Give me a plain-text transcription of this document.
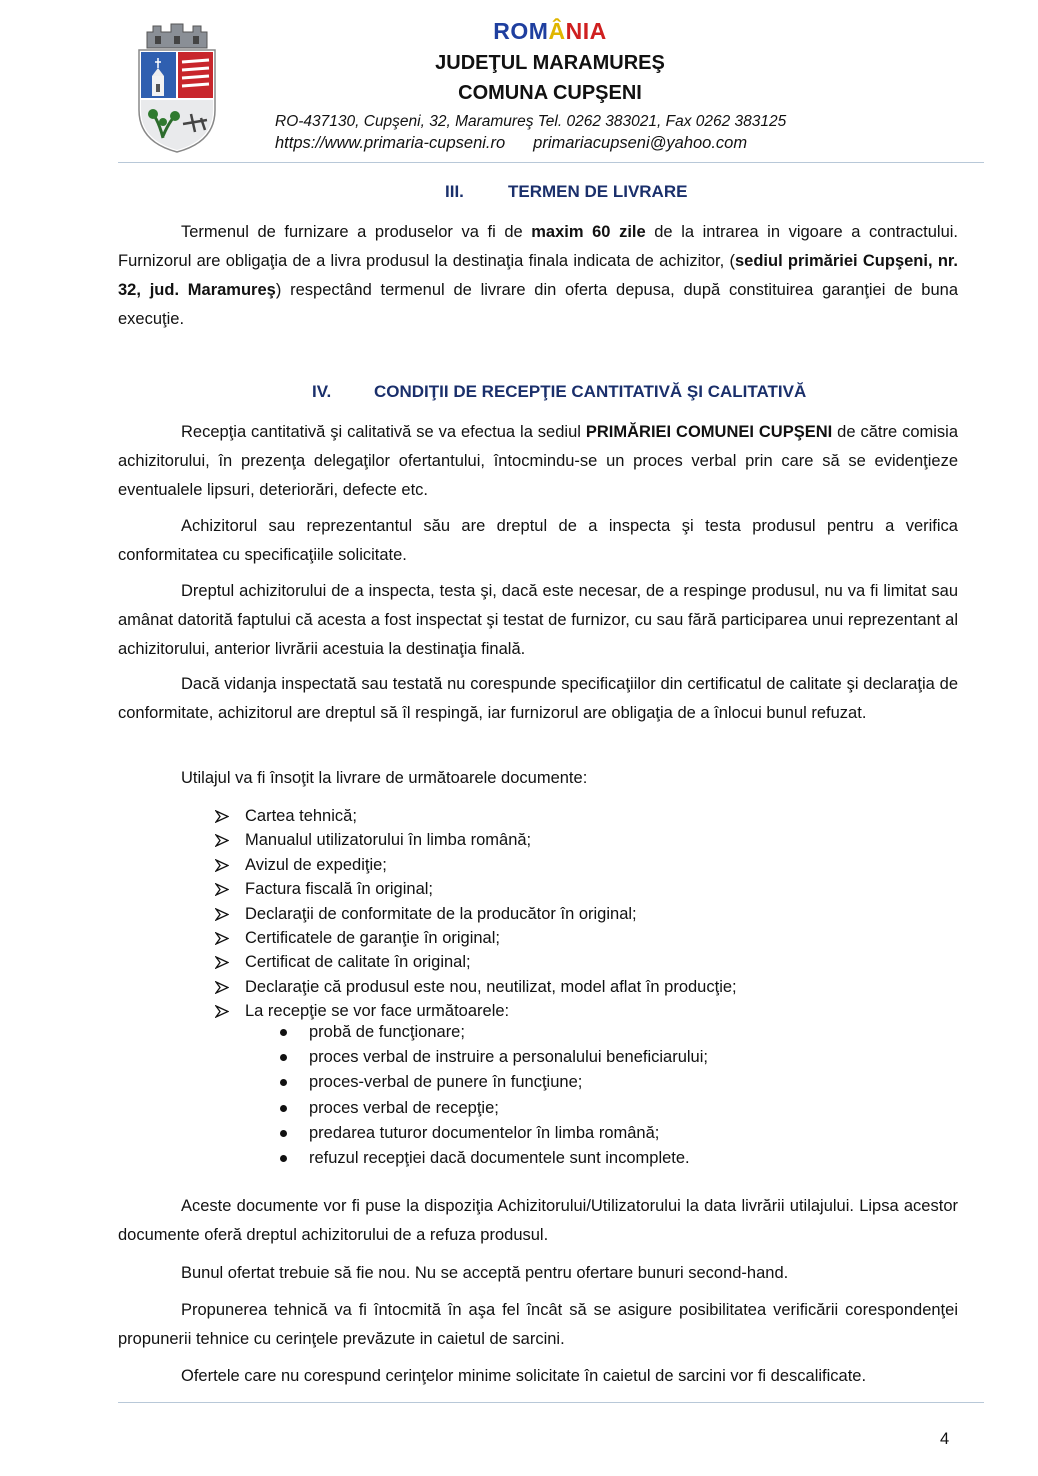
ROMÂNIA
JUDEŢUL MARAMUREŞ
COMUNA CUPŞENI
RO-437130, Cupşeni, 32, Maramureş Tel. 0262 383021, Fax 0262 383125
https://www.primaria-cupseni.ro primariacupseni@yahoo.com
III.	TERMEN DE LIVRARE
Termenul de furnizare a produselor va fi de maxim 60 zile de la intrarea in vigoare a contractului. Furnizorul are obligaţia de a livra produsul la destinaţia finala indicata de achizitor, (sediul primăriei Cupşeni, nr. 32, jud. Maramureş) respectând termenul de livrare din oferta depusa, după constituirea garanţiei de buna execuţie.
IV.	CONDIŢII DE RECEPŢIE CANTITATIVĂ ŞI CALITATIVĂ
Recepţia cantitativă şi calitativă se va efectua la sediul PRIMĂRIEI COMUNEI CUPŞENI de către comisia achizitorului, în prezenţa delegaţilor ofertantului, întocmindu-se un proces verbal prin care să se evidenţieze eventualele lipsuri, deteriorări, defecte etc.
Achizitorul sau reprezentantul său are dreptul de a inspecta şi testa produsul pentru a verifica conformitatea cu specificaţiile solicitate.
Dreptul achizitorului de a inspecta, testa şi, dacă este necesar, de a respinge produsul, nu va fi limitat sau amânat datorită faptului că acesta a fost inspectat şi testat de furnizor, cu sau fără participarea unui reprezentant al achizitorului, anterior livrării acestuia la destinaţia finală.
Dacă vidanja inspectată sau testată nu corespunde specificaţiilor din certificatul de calitate şi declaraţia de conformitate, achizitorul are dreptul să îl respingă, iar furnizorul are obligaţia de a înlocui bunul refuzat.
Utilajul va fi însoţit la livrare de următoarele documente:
Cartea tehnică;
Manualul utilizatorului în limba română;
Avizul de expediţie;
Factura fiscală în original;
Declaraţii de conformitate de la producător în original;
Certificatele de garanţie în original;
Certificat de calitate în original;
Declaraţie că produsul este nou, neutilizat, model aflat în producţie;
La recepţie se vor face următoarele:
probă de funcţionare;
proces verbal de instruire a personalului beneficiarului;
proces-verbal de punere în funcţiune;
proces verbal de recepţie;
predarea tuturor documentelor în limba română;
refuzul recepţiei dacă documentele sunt incomplete.
Aceste documente vor fi puse la dispoziţia Achizitorului/Utilizatorului la data livrării utilajului. Lipsa acestor documente oferă dreptul achizitorului de a refuza produsul.
Bunul ofertat trebuie să fie nou. Nu se acceptă pentru ofertare bunuri second-hand.
Propunerea tehnică va fi întocmită în aşa fel încât să se asigure posibilitatea verificării corespondenţei propunerii tehnice cu cerinţele prevăzute in caietul de sarcini.
Ofertele care nu corespund cerinţelor minime solicitate în caietul de sarcini vor fi descalificate.
4
